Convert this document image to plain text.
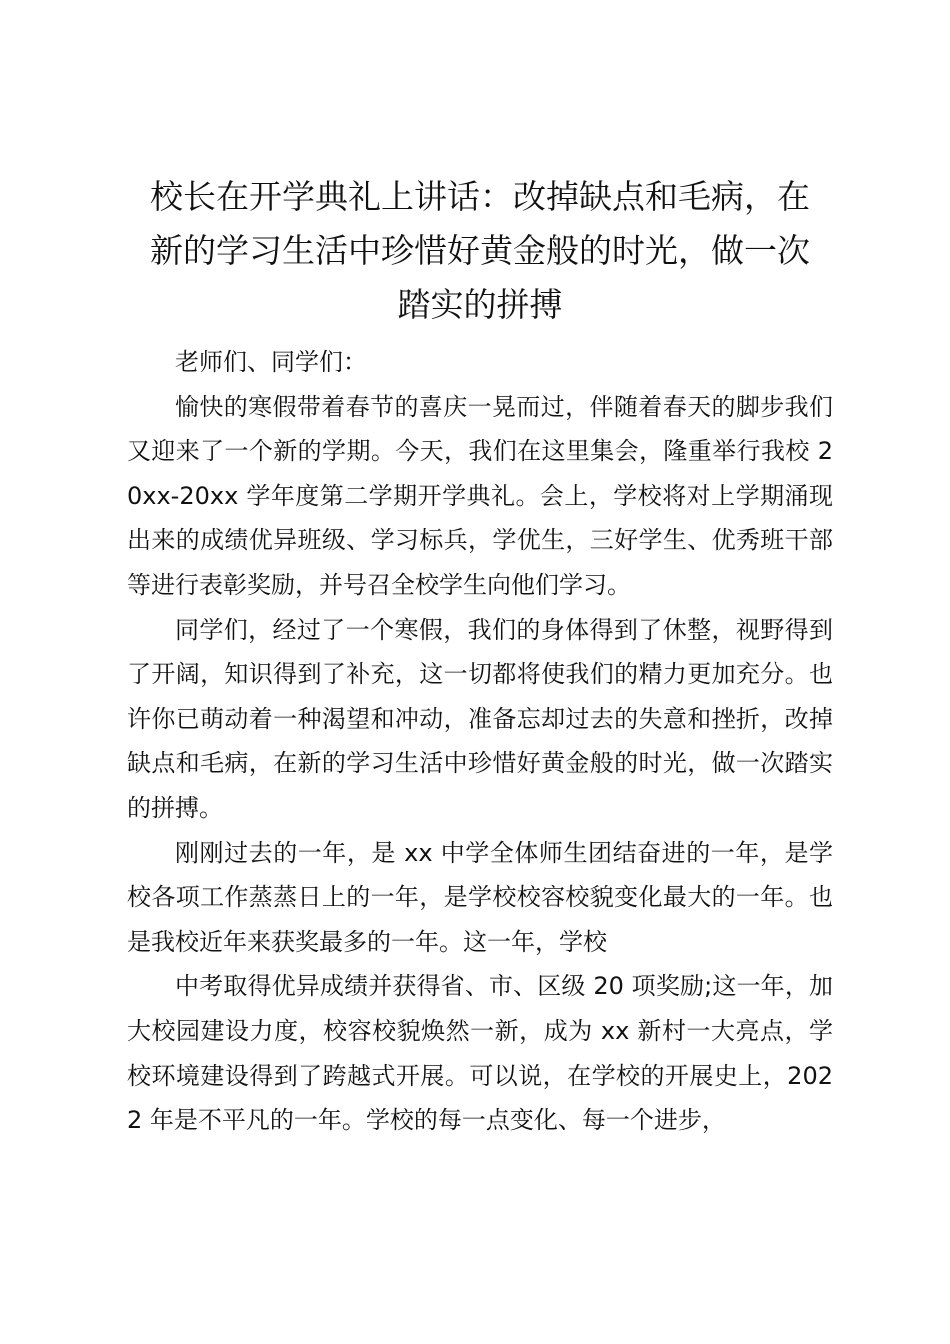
校长在开学典礼上讲话：改掉缺点和毛病，在
新的学习生活中珍惜好黄金般的时光，做一次
踏实的拼搏

老师们、同学们：

愉快的寒假带着春节的喜庆一晃而过，伴随着春天的脚步我们又迎来了一个新的学期。今天，我们在这里集会，隆重举行我校 20xx-20xx 学年度第二学期开学典礼。会上，学校将对上学期涌现出来的成绩优异班级、学习标兵，学优生，三好学生、优秀班干部等进行表彰奖励，并号召全校学生向他们学习。

同学们，经过了一个寒假，我们的身体得到了休整，视野得到了开阔，知识得到了补充，这一切都将使我们的精力更加充分。也许你已萌动着一种渴望和冲动，准备忘却过去的失意和挫折，改掉缺点和毛病，在新的学习生活中珍惜好黄金般的时光，做一次踏实的拼搏。

刚刚过去的一年，是 xx 中学全体师生团结奋进的一年，是学校各项工作蒸蒸日上的一年，是学校校容校貌变化最大的一年。也是我校近年来获奖最多的一年。这一年，学校

中考取得优异成绩并获得省、市、区级 20 项奖励;这一年，加大校园建设力度，校容校貌焕然一新，成为 xx 新村一大亮点，学校环境建设得到了跨越式开展。可以说，在学校的开展史上，2022 年是不平凡的一年。学校的每一点变化、每一个进步，
